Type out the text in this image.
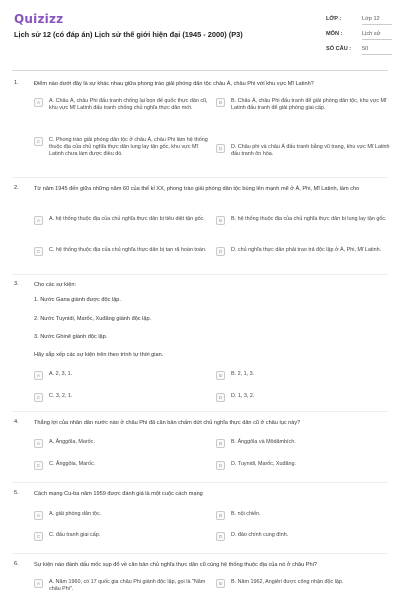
Quizizz
Lịch sử 12 (có đáp án) Lịch sử thế giới hiện đại (1945 - 2000) (P3)
LỚP :	Lớp 12
MÔN :	Lịch sử
SỐ CÂU : 50
1.	Điểm nào dưới đây là sự khác nhau giữa phong trào giải phóng dân tộc châu Á, châu Phi với khu vực Mĩ Latinh?
A	A. Châu Á, châu Phi đấu tranh chống lại bọn đế quốc thực dân cũ, khu vực Mĩ Latinh đấu tranh chống chủ nghĩa thực dân mới.
B	B. Châu Á, châu Phi đấu tranh để giải phóng dân tộc, khu vực Mĩ Latinh đấu tranh để giải phóng giai cấp.
C	C. Phong trào giải phóng dân tộc ở châu Á, châu Phi làm hệ thống thuộc địa của chủ nghĩa thực dân lung lay tận gốc, khu vực Mĩ Latinh chưa làm được điều đó.
D	D. Châu phi và châu Á đấu tranh bằng vũ trang, khu vực Mĩ Latinh đấu tranh ôn hòa.
2.	Từ năm 1945 đến giữa những năm 60 của thế kỉ XX, phong trào giải phóng dân tộc bùng lên mạnh mẽ ở Á, Phi, Mĩ Latinh, làm cho
A	A. hệ thống thuộc địa của chủ nghĩa thực dân bị tiêu diệt tận gốc.	B	B. hệ thống thuộc địa của chủ nghĩa thực dân bị lung lay tận gốc.
C	C. hệ thống thuộc địa của chủ nghĩa thực dân bị tan rã hoàn toàn.	D	D. chủ nghĩa thực dân phải trao trả độc lập ở Á, Phi, Mĩ Latinh.
3.	Cho các sự kiện:
1. Nước Gana giành được độc lập.
2. Nước Tuynidi, Marốc, Xuđăng giành độc lập.
3. Nước Ghinê giành độc lập.
Hãy sắp xếp các sự kiện trên theo trình tự thời gian.
A	A. 2, 3, 1.	B	B. 2, 1, 3.
C	C. 3, 2, 1.	D	D. 1, 3, 2.
4.	Thắng lợi của nhân dân nước nào ở châu Phi đã căn bản chấm dứt chủ nghĩa thực dân cũ ở châu lục này?
A	A. Ănggôla, Marốc.	B	B. Ănggôla và Môdămbích.
C	C. Ănggôla, Marốc.	D	D. Tuynidi, Marốc, Xuđăng.
5.	Cách mạng Cu-ba năm 1959 được đánh giá là một cuộc cách mạng
A	A. giải phóng dân tộc.	B	B. nội chiến.
C	C. đấu tranh giai cấp.	D	D. đảo chính cung đình.
6.	Sự kiện nào đánh dấu mốc sụp đổ về căn bản chủ nghĩa thực dân cũ cùng hệ thống thuộc địa của nó ở châu Phi?
A	A. Năm 1960, có 17 quốc gia châu Phi giành độc lập, gọi là "Năm châu Phi".
B	B. Năm 1962, Angiêri được công nhận độc lập.
